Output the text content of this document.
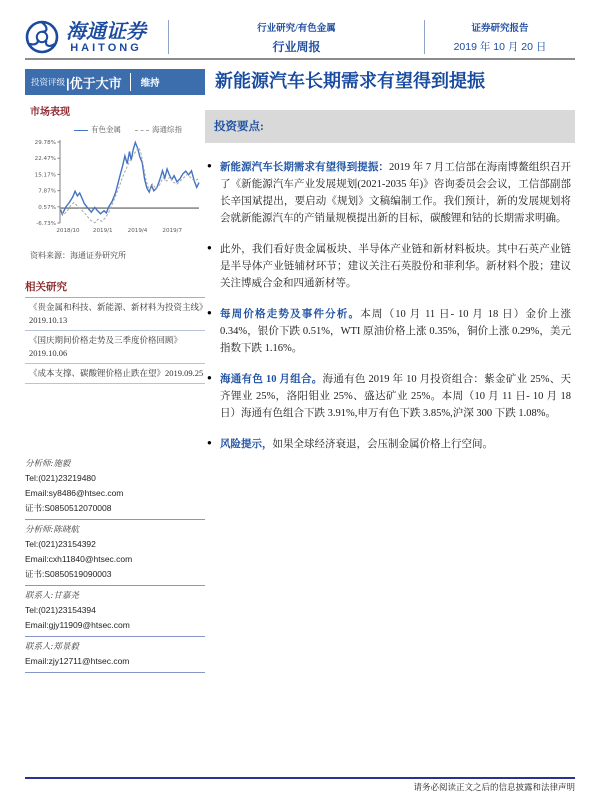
海通证券
HAITONG
行业研究/有色金属
行业周报
证券研究报告
2019 年 10 月 20 日
投资评级 |优于大市 维持	新能源汽车长期需求有望得到提振
市场表现
有色金属	海通综指
29.78%
22.47%
15.17%
7.87%
0.57%
-6.73%
2018/10 2019/1	2019/4	2019/7
资料来源：海通证券研究所
相关研究
《贵金属和科技、新能源、新材料为投资主线》2019.10.13
《国庆期间价格走势及三季度价格回顾》2019.10.06
《成本支撑、碳酸锂价格止跌在望》2019.09.25
分析师:施毅
Tel:(021)23219480
Email:sy8486@htsec.com
证书:S0850512070008
分析师:陈晓航
Tel:(021)23154392
Email:cxh11840@htsec.com
证书:S0850519090003
联系人:甘嘉尧
Tel:(021)23154394
Email:gjy11909@htsec.com
联系人:郑景毅
Email:zjy12711@htsec.com
投资要点:
● 新能源汽车长期需求有望得到提振：2019 年 7 月工信部在海南博鳌组织召开了《新能源汽车产业发展规划(2021-2035 年)》咨询委员会会议，工信部副部长辛国斌提出，要启动《规划》文稿编制工作。我们预计，新的发展规划将会就新能源汽车的产销量规模提出新的目标，碳酸锂和钴的长期需求明确。
● 此外，我们看好贵金属板块、半导体产业链和新材料板块。其中石英产业链是半导体产业链辅材环节；建议关注石英股份和菲利华。新材料个股；建议关注博威合金和四通新材等。
● 每周价格走势及事件分析。本周（10 月 11 日- 10 月 18 日）金价上涨 0.34%，银价下跌 0.51%，WTI 原油价格上涨 0.35%，铜价上涨 0.29%，美元指数下跌 1.16%。
● 海通有色 10 月组合。海通有色 2019 年 10 月投资组合：紫金矿业 25%、天齐锂业 25%，洛阳钼业 25%、盛达矿业 25%。本周（10 月 11 日- 10 月 18 日）海通有色组合下跌 3.91%,申万有色下跌 3.85%,沪深 300 下跌 1.08%。
● 风险提示，如果全球经济衰退，会压制金属价格上行空间。
请务必阅读正文之后的信息披露和法律声明
